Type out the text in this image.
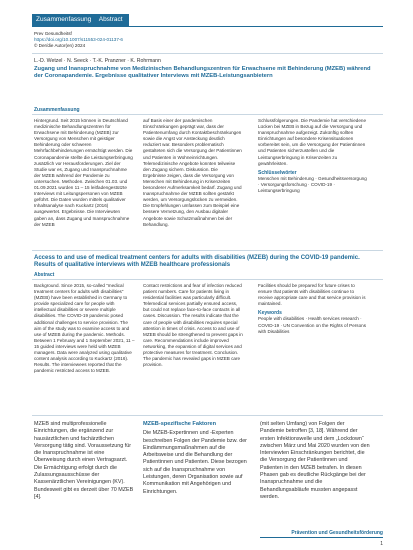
Zusammenfassung Abstract
Prev Gesundheitsf
https://doi.org/10.1007/s11553-024-01137-6
© Der/die Autor(en) 2024
L.-D. Wetzel · N. Seeck · T.-K. Pranzner · K. Rohrmann
Zugang und Inanspruchnahme von Medizinischen Behandlungszentren für Erwachsene mit Behinderung (MZEB) während der Coronapandemie. Ergebnisse qualitativer Interviews mit MZEB-Leistungsanbietern
Zusammenfassung
Hintergrund. Seit 2015 können in Deutschland medizinische Behandlungszentren für Erwachsene mit Behinderung (MZEB) zur Versorgung von Menschen mit geistiger Behinderung oder schweren Mehrfachbehinderungen ermächtigt werden. Die Coronapandemie stellte die Leistungserbringung zusätzlich vor Herausforderungen. Ziel der Studie war es, Zugang und Inanspruchnahme der MZEB während der Pandemie zu untersuchen. Methoden. Zwischen 01.03. und 01.09.2021 wurden 11 – 15 leitfadengestützte Interviews mit Leitungspersonen von MZEB geführt. Die Daten wurden mittels qualitativer Inhaltsanalyse nach Kuckartz (2016) ausgewertet. Ergebnisse. Die Interviewten gaben an, dass Zugang und Inanspruchnahme der MZEB
auf Basis einer der pandemischen Einschränkungen geprägt war, dass der Patientenumfang durch Kontaktbeschränkungen sowie die Angst vor Ansteckung deutlich reduziert war. Besonders problematisch gestalteten sich die Versorgung der Patientinnen und Patienten in Wohneinrichtungen. Telemedizinische Angebote konnten teilweise den Zugang sichern. Diskussion. Die Ergebnisse zeigen, dass die Versorgung von Menschen mit Behinderung in Krisenzeiten besonderer Aufmerksamkeit bedarf. Zugang und Inanspruchnahme der MZEB sollten gestärkt werden, um Versorgungslücken zu vermeiden. Die Empfehlungen umfassen zum Beispiel eine bessere Vernetzung, den Ausbau digitaler Angebote sowie Schutzmaßnahmen bei der Behandlung.

Schlussfolgerungen. Die Pandemie hat verschiedene Lücken bei MZEB in Bezug auf die Versorgung und Inanspruchnahme aufgezeigt. Zukünftig sollten Einrichtungen auf besondere Krisensituationen vorbereitet sein, um die Versorgung der Patientinnen und Patienten sicherzustellen und die Leistungserbringung in Krisenzeiten zu gewährleisten.

Schlüsselwörter

Menschen mit Behinderung · Gesundheitsversorgung · Versorgungsforschung · COVID-19 · Leistungserbringung

Access to and use of medical treatment centers for adults with disabilities (MZEB) during the COVID-19 pandemic. Results of qualitative interviews with MZEB healthcare professionals
Abstract
Background. Since 2015, so-called “medical treatment centers for adults with disabilities” (MZEB) have been established in Germany to provide specialized care for people with intellectual disabilities or severe multiple disabilities. The COVID-19 pandemic posed additional challenges to service provision. The aim of the study was to examine access to and use of MZEB during the pandemic. Methods. Between 1 February and 1 September 2021, 11 – 15 guided interviews were held with MZEB managers. Data were analyzed using qualitative content analysis according to Kuckartz (2016). Results. The interviewees reported that the pandemic restricted access to MZEB.
Contact restrictions and fear of infection reduced patient numbers. Care for patients living in residential facilities was particularly difficult. Telemedical services partially ensured access, but could not replace face-to-face contacts in all cases. Discussion. The results indicate that the care of people with disabilities requires special attention in times of crisis. Access to and use of MZEB should be strengthened to prevent gaps in care. Recommendations include improved networking, the expansion of digital services and protective measures for treatment. Conclusion. The pandemic has revealed gaps in MZEB care provision.

Facilities should be prepared for future crises to ensure that patients with disabilities continue to receive appropriate care and that service provision is maintained.

Keywords

People with disabilities · Health services research · COVID-19 · UN Convention on the Rights of Persons with Disabilities

MZEB sind multiprofessionelle Einrichtungen, die ergänzend zur hausärztlichen und fachärztlichen Versorgung tätig sind. Voraussetzung für die Inanspruchnahme ist eine Überweisung durch einen Vertragsarzt. Die Ermächtigung erfolgt durch die Zulassungsausschüsse der Kassenärztlichen Vereinigungen (KV). Bundesweit gibt es derzeit über 70 MZEB [4].
MZEB-spezifische Faktoren

Die MZEB-Expertinnen und -Experten beschreiben Folgen der Pandemie bzw. der Eindämmungsmaßnahmen auf die Arbeitsweise und die Behandlung der Patientinnen und Patienten. Diese bezogen sich auf die Inanspruchnahme von Leistungen, deren Organisation sowie auf Kommunikation mit Angehörigen und Einrichtungen.

(mit selten Umfang) von Folgen der Pandemie betroffen [3, 18]. Während der ersten Infektionswelle und dem „Lockdown“ zwischen März und Mai 2020 wurden von den Interviewten Einschränkungen berichtet, die die Versorgung der Patientinnen und Patienten in den MZEB betrafen. In diesen Phasen gab es deutliche Rückgänge bei der Inanspruchnahme und die Behandlungsabläufe mussten angepasst werden.
Prävention und Gesundheitsförderung
1
